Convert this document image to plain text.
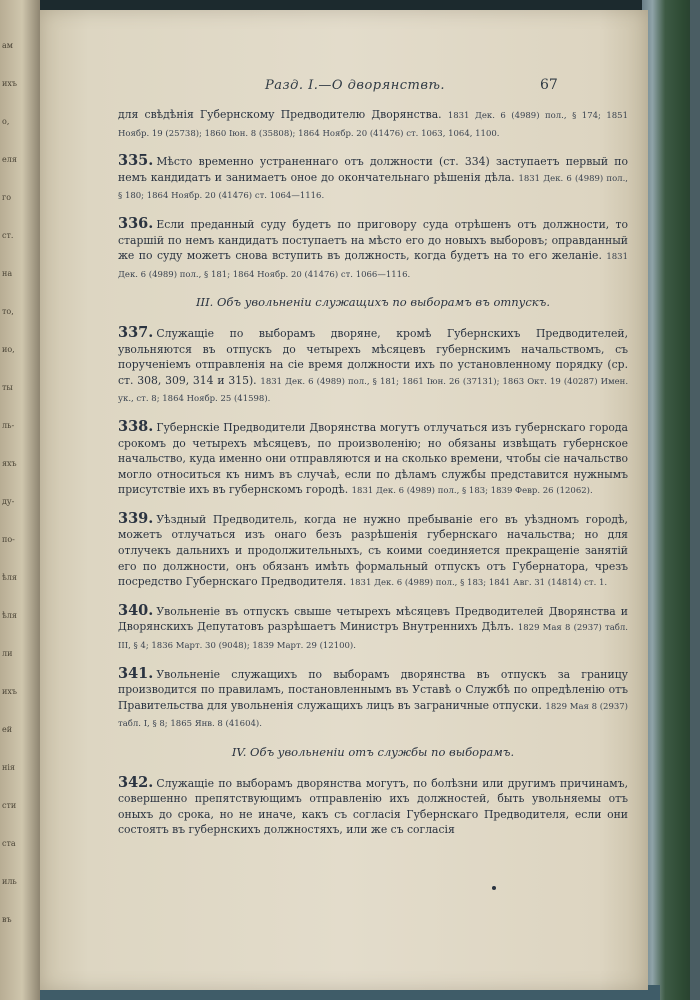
ам
ихъ
о,
еля
го
ст.
на
то,
ио,
ты
ль-
яхъ
ду-
по-
ѣля
ѣля
ли
ихъ
ей
нія
сти
ста
иль
въ
Разд. I.—О дворянствѣ.	67

для свѣдѣнія Губернскому Предводителю Дворянства. 1831 Дек. 6 (4989) пол., § 174; 1851 Ноябр. 19 (25738); 1860 Іюн. 8 (35808); 1864 Ноябр. 20 (41476) ст. 1063, 1064, 1100.

335. Мѣсто временно устраненнаго отъ должности (ст. 334) заступаетъ первый по немъ кандидатъ и занимаетъ оное до окончательнаго рѣшенія дѣла. 1831 Дек. 6 (4989) пол., § 180; 1864 Ноябр. 20 (41476) ст. 1064—1116.

336. Если преданный суду будетъ по приговору суда отрѣшенъ отъ должности, то старшій по немъ кандидатъ поступаетъ на мѣсто его до новыхъ выборовъ; оправданный же по суду можетъ снова вступить въ должность, когда будетъ на то его желаніе. 1831 Дек. 6 (4989) пол., § 181; 1864 Ноябр. 20 (41476) ст. 1066—1116.

III. Объ увольненіи служащихъ по выборамъ въ отпускъ.

337. Служащіе по выборамъ дворяне, кромѣ Губернскихъ Предводителей, увольняются въ отпускъ до четырехъ мѣсяцевъ губернскимъ начальствомъ, съ порученіемъ отправленія на сіе время должности ихъ по установленному порядку (ср. ст. 308, 309, 314 и 315). 1831 Дек. 6 (4989) пол., § 181; 1861 Іюн. 26 (37131); 1863 Окт. 19 (40287) Имен. ук., ст. 8; 1864 Ноябр. 25 (41598).

338. Губернскіе Предводители Дворянства могутъ отлучаться изъ губернскаго города срокомъ до четырехъ мѣсяцевъ, по произволенію; но обязаны извѣщать губернское начальство, куда именно они отправляются и на сколько времени, чтобы сіе начальство могло относиться къ нимъ въ случаѣ, если по дѣламъ службы представится нужнымъ присутствіе ихъ въ губернскомъ городѣ. 1831 Дек. 6 (4989) пол., § 183; 1839 Февр. 26 (12062).

339. Уѣздный Предводитель, когда не нужно пребываніе его въ уѣздномъ городѣ, можетъ отлучаться изъ онаго безъ разрѣшенія губернскаго начальства; но для отлучекъ дальнихъ и продолжительныхъ, съ коими соединяется прекращеніе занятій его по должности, онъ обязанъ имѣть формальный отпускъ отъ Губернатора, чрезъ посредство Губернскаго Предводителя. 1831 Дек. 6 (4989) пол., § 183; 1841 Авг. 31 (14814) ст. 1.

340. Увольненіе въ отпускъ свыше четырехъ мѣсяцевъ Предводителей Дворянства и Дворянскихъ Депутатовъ разрѣшаетъ Министръ Внутреннихъ Дѣлъ. 1829 Мая 8 (2937) табл. III, § 4; 1836 Март. 30 (9048); 1839 Март. 29 (12100).

341. Увольненіе служащихъ по выборамъ дворянства въ отпускъ за границу производится по правиламъ, постановленнымъ въ Уставѣ о Службѣ по опредѣленію отъ Правительства для увольненія служащихъ лицъ въ заграничные отпуски. 1829 Мая 8 (2937) табл. I, § 8; 1865 Янв. 8 (41604).

IV. Объ увольненіи отъ службы по выборамъ.

342. Служащіе по выборамъ дворянства могутъ, по болѣзни или другимъ причинамъ, совершенно препятствующимъ отправленію ихъ должностей, быть увольняемы отъ оныхъ до срока, но не иначе, какъ съ согласія Губернскаго Предводителя, если они состоятъ въ губернскихъ должностяхъ, или же съ согласія
